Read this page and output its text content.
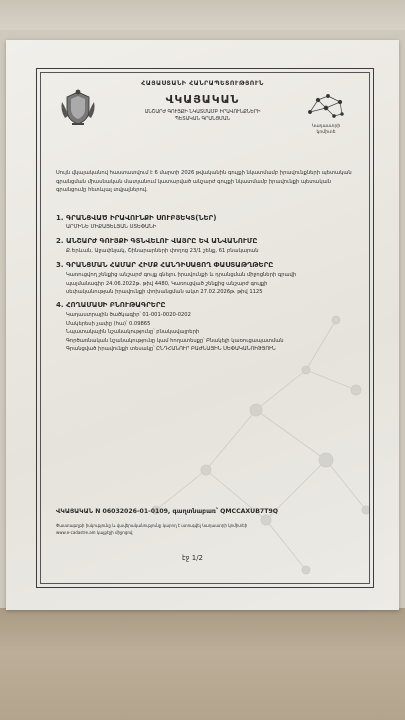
ՀԱՅԱՍՏԱՆԻ ՀԱՆՐԱՊԵՏՈՒԹՅՈՒՆ
ՎԿԱՅԱԿԱՆ
ԱՆՇԱՐԺ ԳՈՒՅՔԻ ՆԿԱՏՄԱՄԲ ԻՐԱՎՈՒՆՔՆԵՐԻ
ՊԵՏԱԿԱՆ ԳՐԱՆՑՄԱՆ
Կադաստրի
կոմիտե
Սույն վկայականով հաստատվում է 6 մարտի 2026 թվականին գույքի նկատմամբ իրավունքների պետական գրանցման միասնական մատյանում կատարված անշարժ գույքի նկատմամբ իրավունքի պետական գրանցումը հետևյալ տվյալներով.
1. ԳՐԱՆՑՎԱԾ ԻՐԱՎՈՒՆՔԻ ՍՈՒԲՅԵԿՏ(ՆԵՐ)
ԱՐՄԻՆԵ ՄԻՔԱՅԵԼՅԱՆ ՍՏԵՓԱՆԻ
2. ԱՆՇԱՐԺ ԳՈՒՅՔԻ ԳՏՆՎԵԼՈՒ ՎԱՅՐԸ ԵՎ ԱՆՎԱՆՈՒՄԸ
Ք.Երևան, Աջափնյակ, Շինարարների փողոց 23/1 շենք, 61 բնակարան
3. ԳՐԱՆՑՄԱՆ ՀԱՄԱՐ ՀԻՄՔ ՀԱՆԴԻՍԱՑՈՂ ՓԱՍՏԱԹՂԹԵՐԸ
Կառուցվող շենքից անշարժ գույք գնելու իրավունքի և դրանցման միջոցների գրավի
պայմանագիր 24.06.2022թ. թիվ 4480, Կառուցված շենքից անշարժ գույքի
սեփականության իրավունքի փոխանցման ակտ 27.02.2026թ. թիվ 1125
4. ՀՈՂԱՄԱՍԻ ԲՆՈՒԹԱԳՐԵՐԸ
Կադաստրային ծածկագիր՝ 01-001-0020-0202
Մակերեսի չափը (հա)՝ 0.09865
Նպատակային նշանակությունը՝ բնակավայրերի
Գործառնական նշանակությունը կամ հողատեսքը՝ Բնակելի կառուցապատման
Գրանցված իրավունքի տեսակը՝ ԸՆԴՀԱՆՈՒՐ ԲԱԺՆԱՅԻՆ ՍԵՓԱԿԱՆՈՒԹՅՈՒՆ
ՎԿԱՅԱԿԱՆ N 06032026-01-0109, գաղտնաբառ՝ QMCCAXUB7T9Q
Փաստաթղթի իսկությունը և վավերականությունը կարող է ստուգվել Կադաստրի կոմիտեի
www.e-cadastre.am կայքէջի միջոցով
էջ 1/2
